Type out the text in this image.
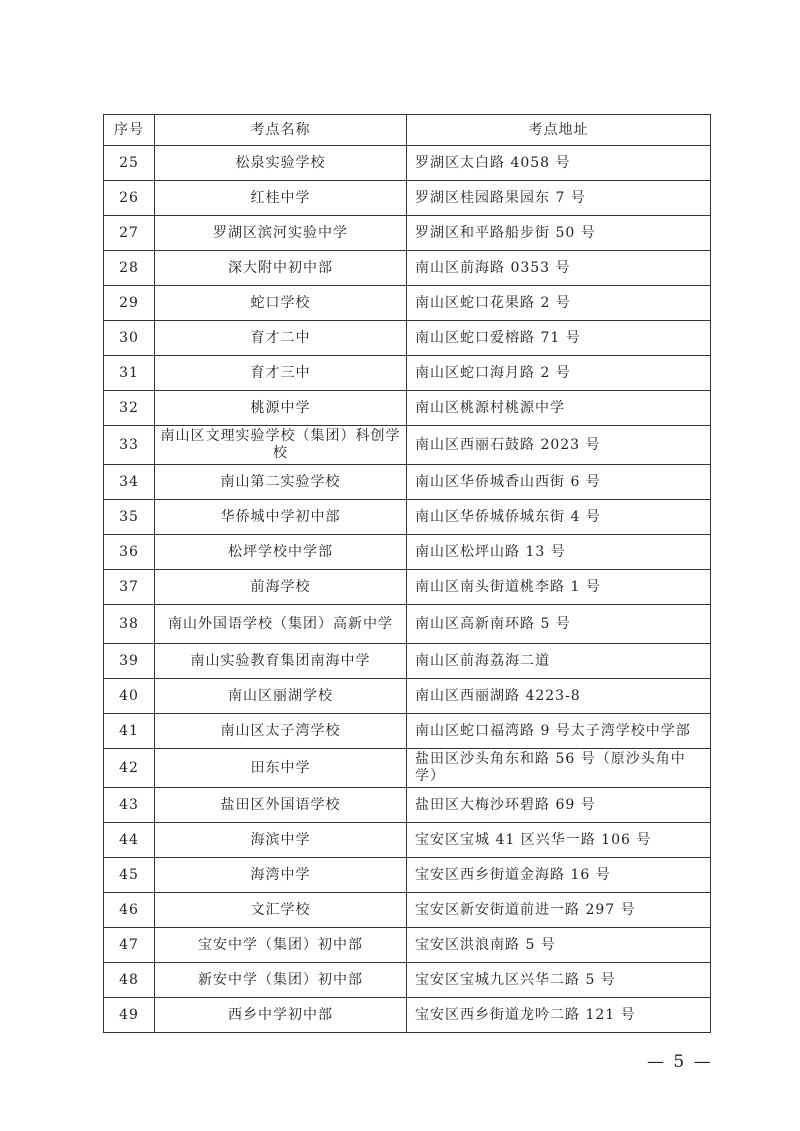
序号	考点名称	考点地址
25	松泉实验学校	罗湖区太白路 4058 号
26	红桂中学	罗湖区桂园路果园东 7 号
27	罗湖区滨河实验中学	罗湖区和平路船步街 50 号
28	深大附中初中部	南山区前海路 0353 号
29	蛇口学校	南山区蛇口花果路 2 号
30	育才二中	南山区蛇口爱榕路 71 号
31	育才三中	南山区蛇口海月路 2 号
32	桃源中学	南山区桃源村桃源中学
33	南山区文理实验学校（集团）科创学校	南山区西丽石鼓路 2023 号
34	南山第二实验学校	南山区华侨城香山西街 6 号
35	华侨城中学初中部	南山区华侨城侨城东街 4 号
36	松坪学校中学部	南山区松坪山路 13 号
37	前海学校	南山区南头街道桃李路 1 号
38	南山外国语学校（集团）高新中学	南山区高新南环路 5 号
39	南山实验教育集团南海中学	南山区前海荔海二道
40	南山区丽湖学校	南山区西丽湖路 4223-8
41	南山区太子湾学校	南山区蛇口福湾路 9 号太子湾学校中学部
42	田东中学	盐田区沙头角东和路 56 号（原沙头角中学）
43	盐田区外国语学校	盐田区大梅沙环碧路 69 号
44	海滨中学	宝安区宝城 41 区兴华一路 106 号
45	海湾中学	宝安区西乡街道金海路 16 号
46	文汇学校	宝安区新安街道前进一路 297 号
47	宝安中学（集团）初中部	宝安区洪浪南路 5 号
48	新安中学（集团）初中部	宝安区宝城九区兴华二路 5 号
49	西乡中学初中部	宝安区西乡街道龙吟二路 121 号
— 5 —
